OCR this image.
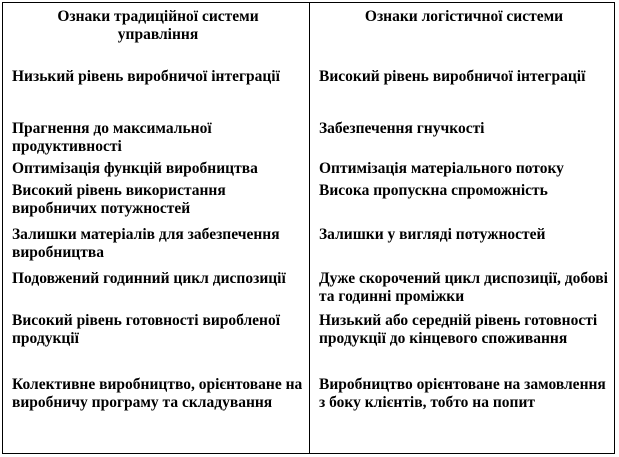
Ознаки традиційної системи управління
Низький рівень виробничої інтеграції
Прагнення до максимальної продуктивності
Оптимізація функцій виробництва
Високий рівень використання виробничих потужностей
Залишки матеріалів для забезпечення виробництва
Подовжений годинний цикл диспозиції
Високий рівень готовності виробленої продукції
Колективне виробництво, орієнтоване на виробничу програму та складування
Ознаки логістичної системи
Високий рівень виробничої інтеграції
Забезпечення гнучкості
Оптимізація матеріального потоку
Висока пропускна спроможність
Залишки у вигляді потужностей
Дуже скорочений цикл диспозиції, добові та годинні проміжки
Низький або середній рівень готовності продукції до кінцевого споживання
Виробництво орієнтоване на замовлення з боку клієнтів, тобто на попит
